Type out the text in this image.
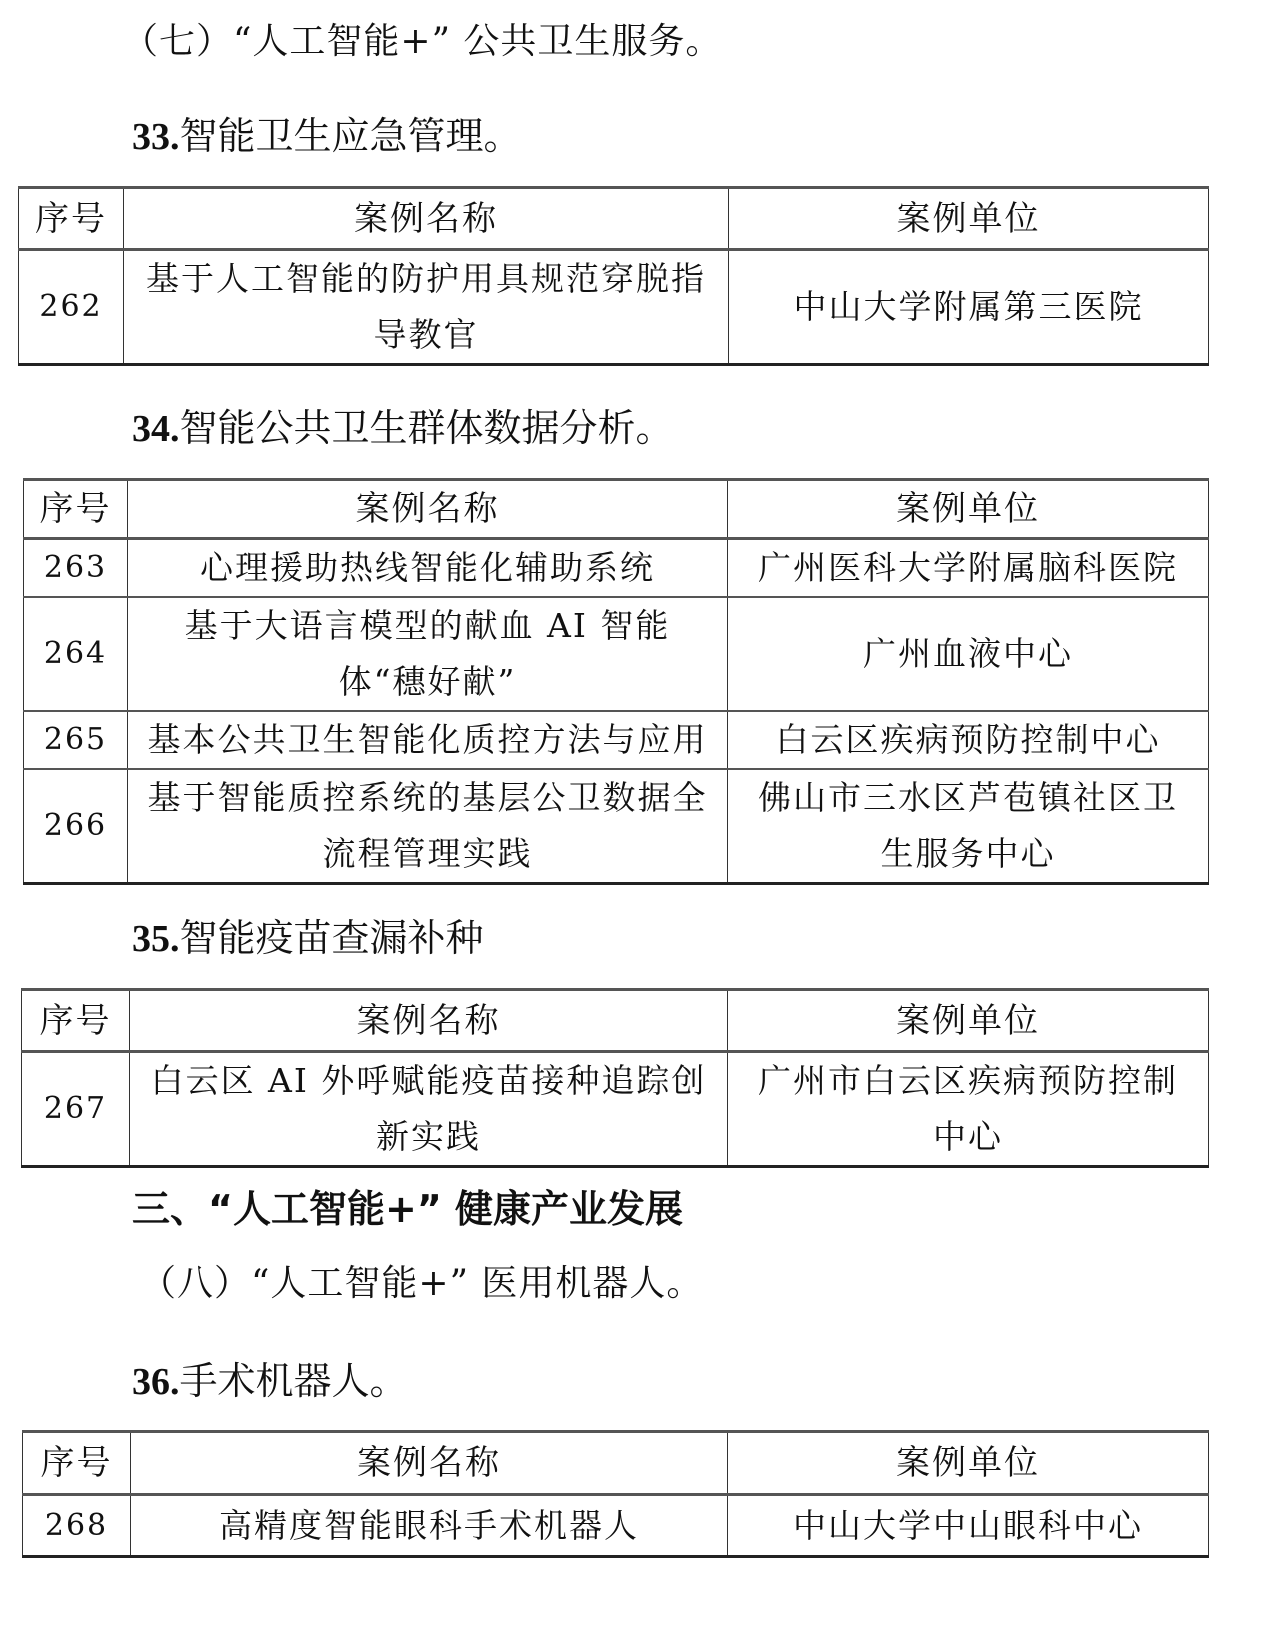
（七）“人工智能+” 公共卫生服务。
33.智能卫生应急管理。
序号	案例名称	案例单位
262	基于人工智能的防护用具规范穿脱指导教官	中山大学附属第三医院
34.智能公共卫生群体数据分析。
序号	案例名称	案例单位
263	心理援助热线智能化辅助系统	广州医科大学附属脑科医院
264	基于大语言模型的献血 AI 智能体“穗好献”	广州血液中心
265	基本公共卫生智能化质控方法与应用	白云区疾病预防控制中心
266	基于智能质控系统的基层公卫数据全流程管理实践	佛山市三水区芦苞镇社区卫生服务中心
35.智能疫苗查漏补种
序号	案例名称	案例单位
267	白云区 AI 外呼赋能疫苗接种追踪创新实践	广州市白云区疾病预防控制中心
三、“人工智能+” 健康产业发展
（八）“人工智能+” 医用机器人。
36.手术机器人。
序号	案例名称	案例单位
268	高精度智能眼科手术机器人	中山大学中山眼科中心
